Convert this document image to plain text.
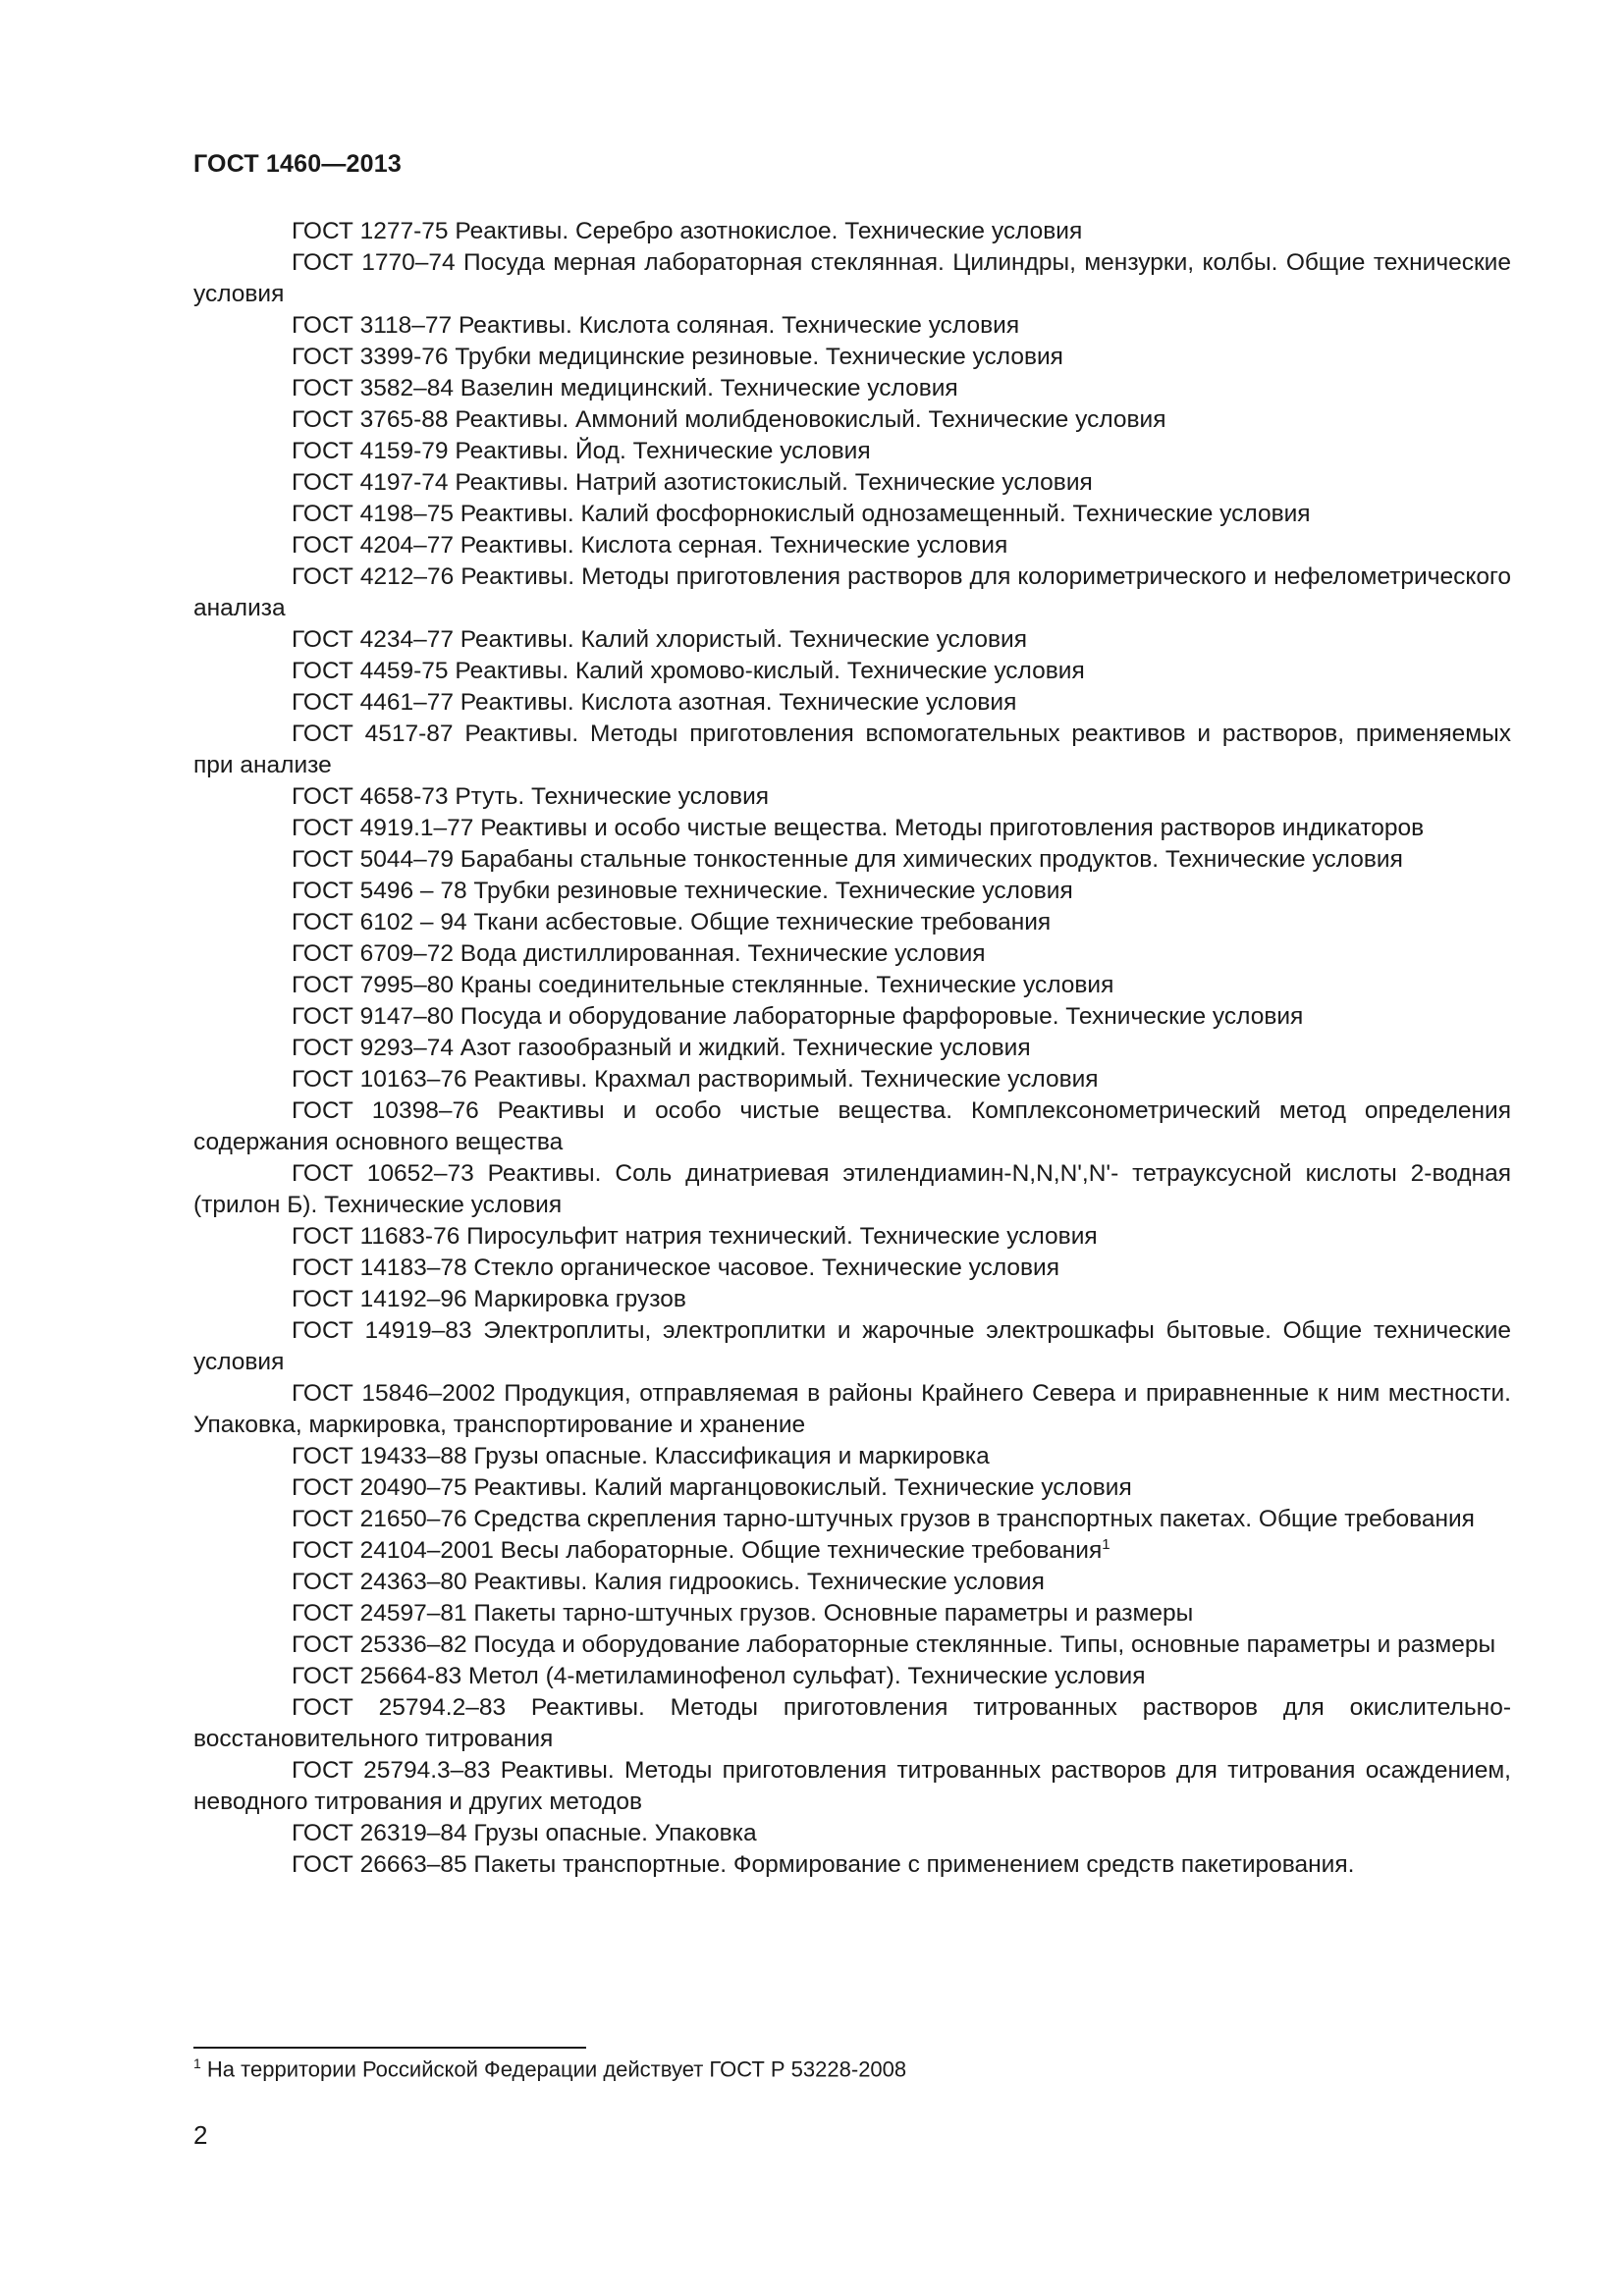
ГОСТ 1460—2013

ГОСТ 1277-75 Реактивы. Серебро азотнокислое. Технические условия

ГОСТ 1770–74 Посуда мерная лабораторная стеклянная. Цилиндры, мензурки, колбы. Общие технические условия

ГОСТ 3118–77 Реактивы. Кислота соляная. Технические условия

ГОСТ 3399-76 Трубки медицинские резиновые. Технические условия

ГОСТ 3582–84 Вазелин медицинский. Технические условия

ГОСТ 3765-88 Реактивы. Аммоний молибденовокислый. Технические условия

ГОСТ 4159-79 Реактивы. Йод. Технические условия

ГОСТ 4197-74 Реактивы. Натрий азотистокислый. Технические условия

ГОСТ 4198–75 Реактивы. Калий фосфорнокислый однозамещенный. Технические условия

ГОСТ 4204–77 Реактивы. Кислота серная. Технические условия

ГОСТ 4212–76 Реактивы. Методы приготовления растворов для колориметрического и нефелометрического анализа

ГОСТ 4234–77 Реактивы. Калий хлористый. Технические условия

ГОСТ 4459-75 Реактивы. Калий хромово-кислый. Технические условия

ГОСТ 4461–77 Реактивы. Кислота азотная. Технические условия

ГОСТ 4517-87 Реактивы. Методы приготовления вспомогательных реактивов и растворов, применяемых при анализе

ГОСТ 4658-73 Ртуть. Технические условия

ГОСТ 4919.1–77 Реактивы и особо чистые вещества. Методы приготовления растворов индикаторов

ГОСТ 5044–79 Барабаны стальные тонкостенные для химических продуктов. Технические условия

ГОСТ 5496 – 78 Трубки резиновые технические. Технические условия

ГОСТ 6102 – 94 Ткани асбестовые. Общие технические требования

ГОСТ 6709–72 Вода дистиллированная. Технические условия

ГОСТ 7995–80 Краны соединительные стеклянные. Технические условия

ГОСТ 9147–80 Посуда и оборудование лабораторные фарфоровые. Технические условия

ГОСТ 9293–74 Азот газообразный и жидкий. Технические условия

ГОСТ 10163–76 Реактивы. Крахмал растворимый. Технические условия

ГОСТ 10398–76 Реактивы и особо чистые вещества. Комплексонометрический метод определения содержания основного вещества

ГОСТ 10652–73 Реактивы. Соль динатриевая этилендиамин-N,N,N',N'- тетрауксусной кислоты 2-водная (трилон Б). Технические условия

ГОСТ 11683-76 Пиросульфит натрия технический. Технические условия

ГОСТ 14183–78 Стекло органическое часовое. Технические условия

ГОСТ 14192–96 Маркировка грузов

ГОСТ 14919–83 Электроплиты, электроплитки и жарочные электрошкафы бытовые. Общие технические условия

ГОСТ 15846–2002 Продукция, отправляемая в районы Крайнего Севера и приравненные к ним местности. Упаковка, маркировка, транспортирование и хранение

ГОСТ 19433–88 Грузы опасные. Классификация и маркировка

ГОСТ 20490–75 Реактивы. Калий марганцовокислый. Технические условия

ГОСТ 21650–76 Средства скрепления тарно-штучных грузов в транспортных пакетах. Общие требования

ГОСТ 24104–2001 Весы лабораторные. Общие технические требования$^1$

ГОСТ 24363–80 Реактивы. Калия гидроокись. Технические условия

ГОСТ 24597–81 Пакеты тарно-штучных грузов. Основные параметры и размеры

ГОСТ 25336–82 Посуда и оборудование лабораторные стеклянные. Типы, основные параметры и размеры

ГОСТ 25664-83 Метол (4-метиламинофенол сульфат). Технические условия

ГОСТ 25794.2–83 Реактивы. Методы приготовления титрованных растворов для окислительно-восстановительного титрования

ГОСТ 25794.3–83 Реактивы. Методы приготовления титрованных растворов для титрования осаждением, неводного титрования и других методов

ГОСТ 26319–84 Грузы опасные. Упаковка

ГОСТ 26663–85 Пакеты транспортные. Формирование с применением средств пакетирования.

$^1$ На территории Российской Федерации действует ГОСТ Р 53228-2008
2
